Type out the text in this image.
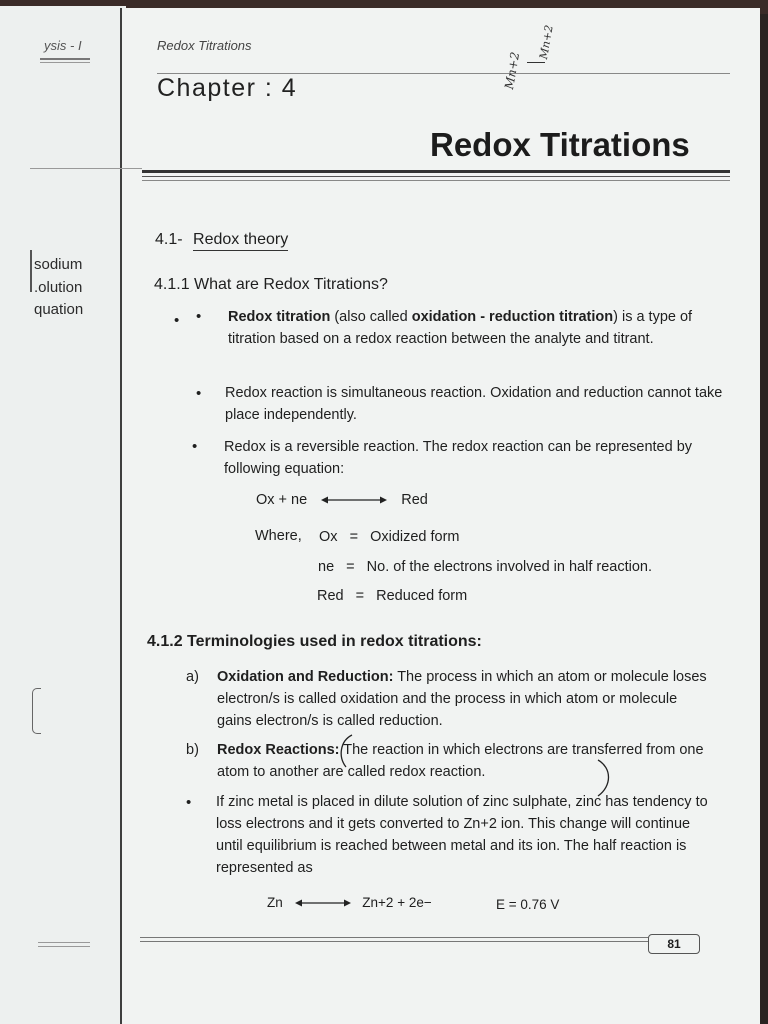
ysis - I
sodium
.olution
quation
Redox Titrations
Chapter : 4	Mn+2
Mn+2
Redox Titrations
4.1- Redox theory
4.1.1 What are Redox Titrations?
• • Redox titration (also called oxidation - reduction titration) is a type of titration based on a redox reaction between the analyte and titrant.
• Redox reaction is simultaneous reaction. Oxidation and reduction cannot take place independently.
• Redox is a reversible reaction. The redox reaction can be represented by following equation:
Ox + ne	Red
Where, Ox = Oxidized form
ne = No. of the electrons involved in half reaction.
Red = Reduced form
4.1.2 Terminologies used in redox titrations:
a) Oxidation and Reduction: The process in which an atom or molecule loses electron/s is called oxidation and the process in which atom or molecule gains electron/s is called reduction.
b) Redox Reactions: The reaction in which electrons are transferred from one atom to another are called redox reaction.
• If zinc metal is placed in dilute solution of zinc sulphate, zinc has tendency to loss electrons and it gets converted to Zn+2 ion. This change will continue until equilibrium is reached between metal and its ion. The half reaction is represented as
Zn	Zn+2 + 2e−	E = 0.76 V
81
